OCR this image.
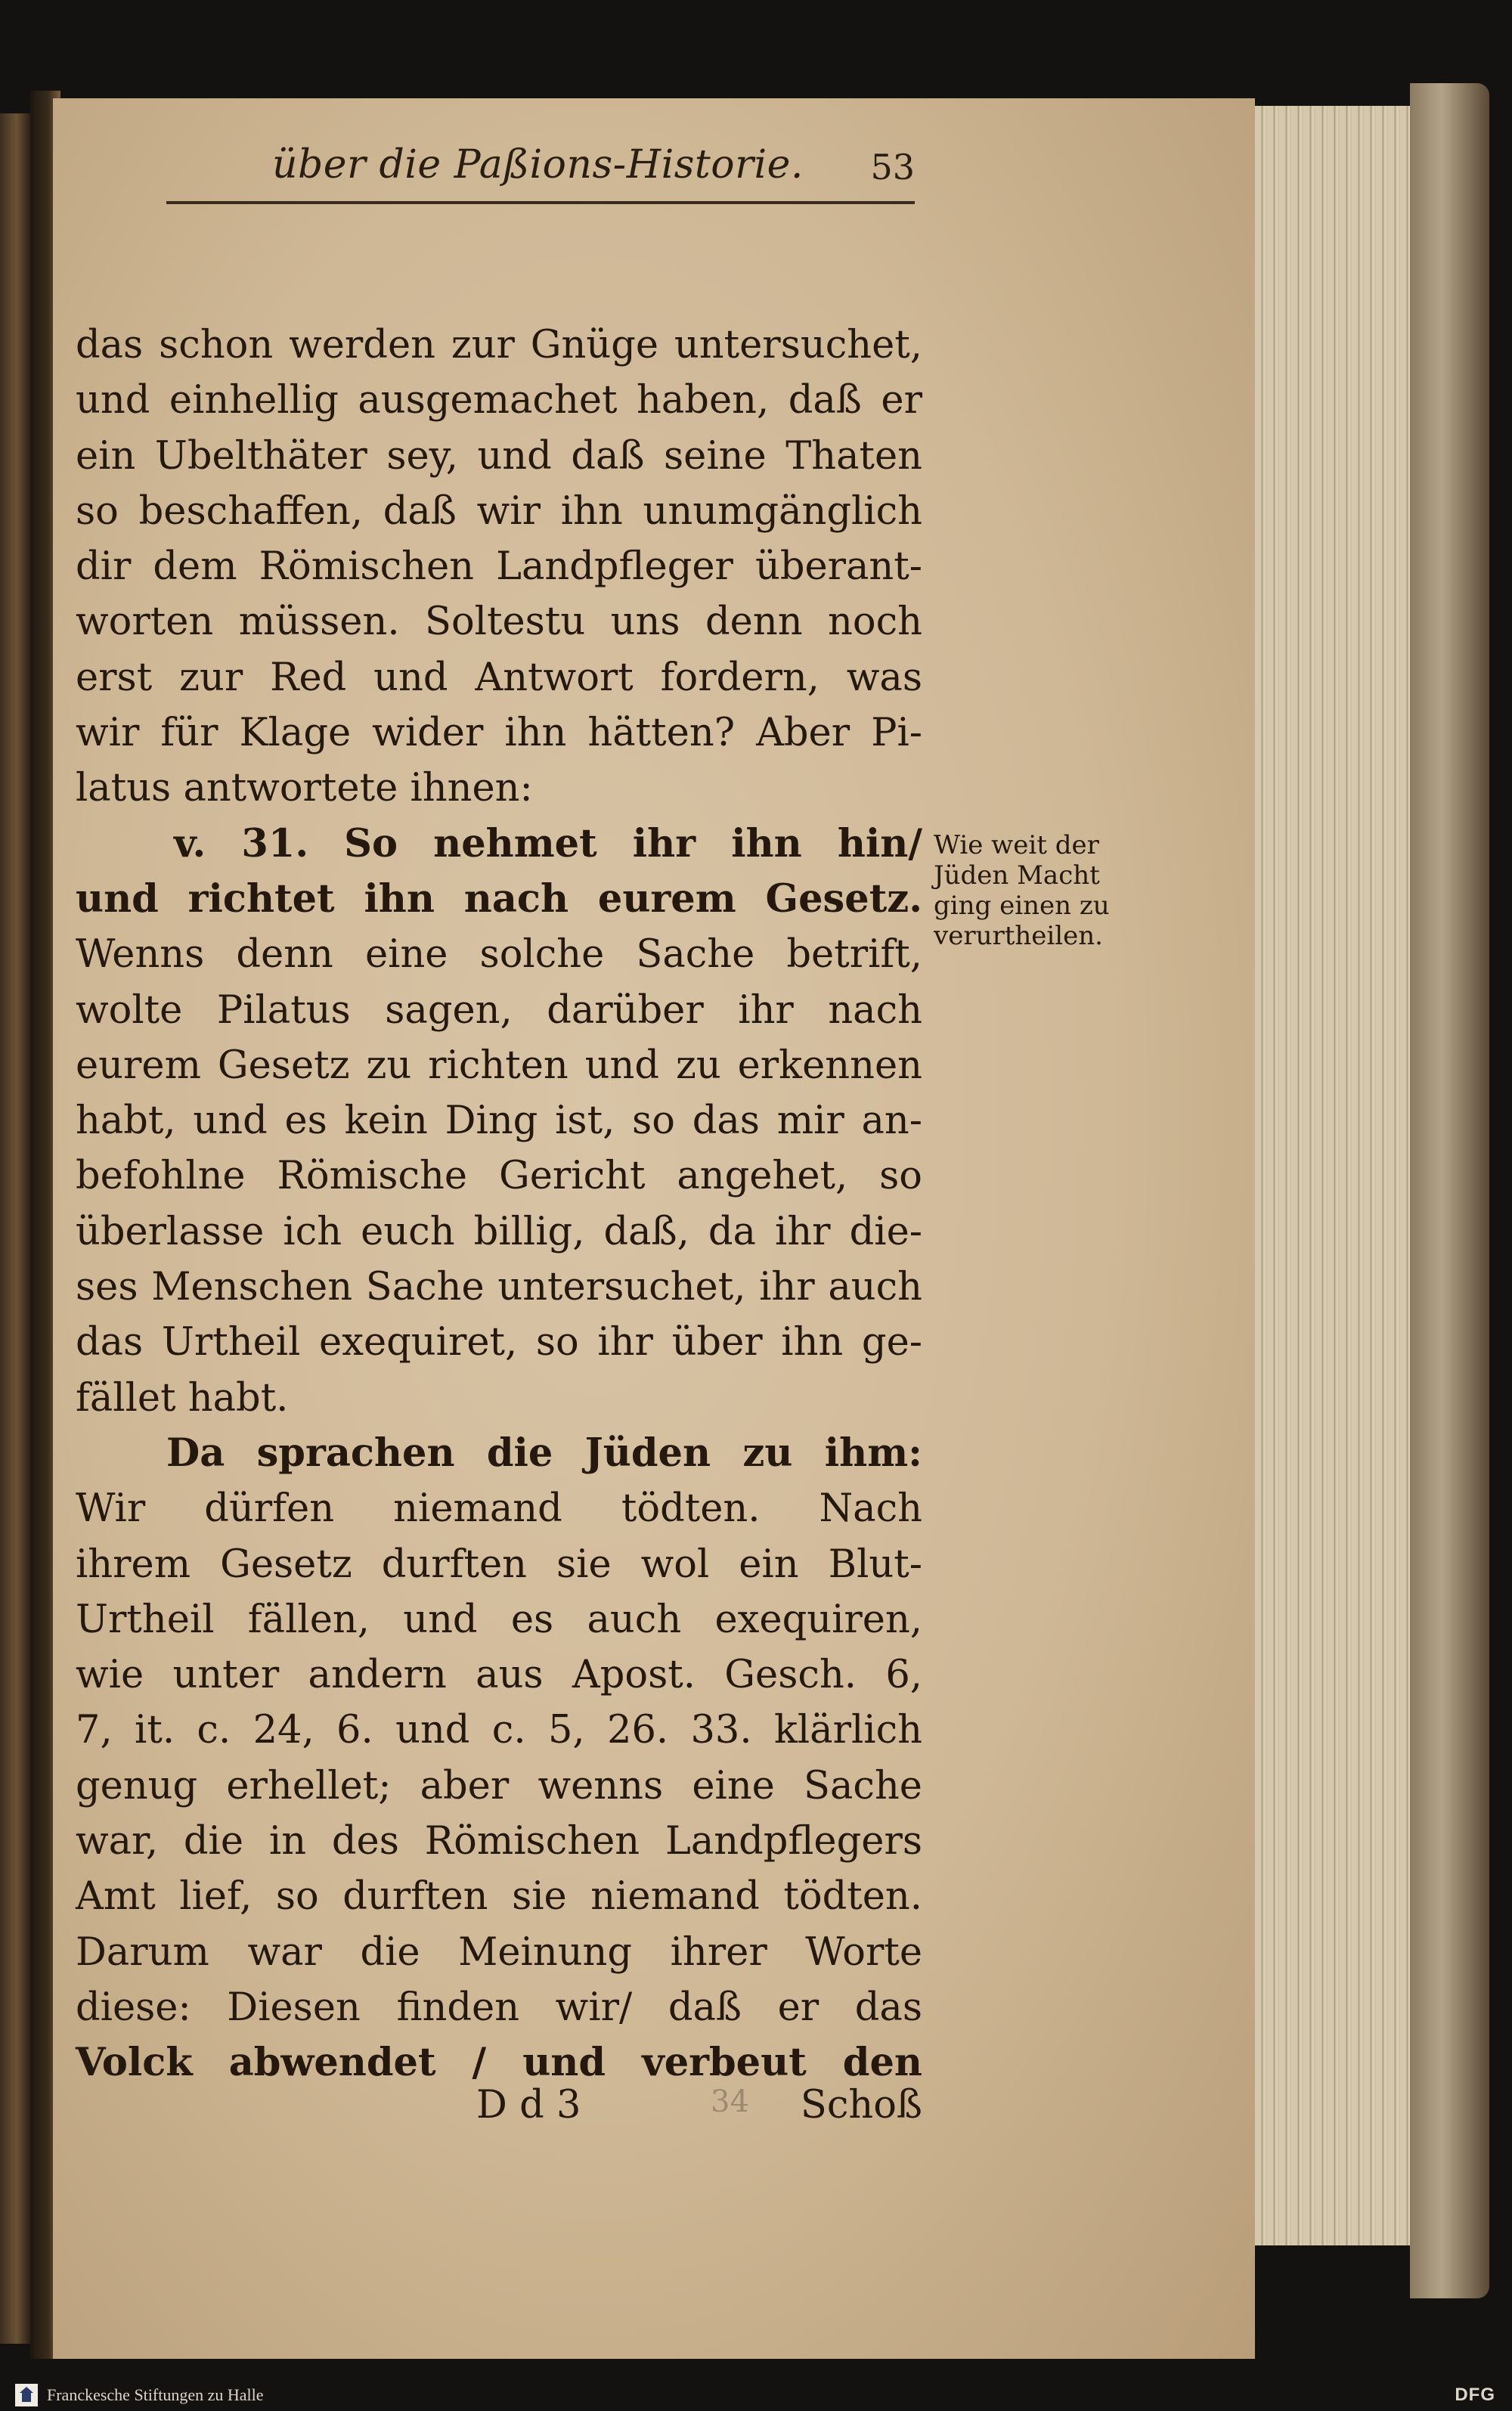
über die Paßions-Historie. 53
das schon werden zur Gnüge untersuchet,
und einhellig ausgemachet haben, daß er
ein Ubelthäter sey, und daß seine Thaten
so beschaffen, daß wir ihn unumgänglich
dir dem Römischen Landpfleger überant-
worten müssen. Soltestu uns denn noch
erst zur Red und Antwort fordern, was
wir für Klage wider ihn hätten? Aber Pi-
latus antwortete ihnen:
v. 31. So nehmet ihr ihn hin/
und richtet ihn nach eurem Gesetz.
Wenns denn eine solche Sache betrift,
wolte Pilatus sagen, darüber ihr nach
eurem Gesetz zu richten und zu erkennen
habt, und es kein Ding ist, so das mir an-
befohlne Römische Gericht angehet, so
überlasse ich euch billig, daß, da ihr die-
ses Menschen Sache untersuchet, ihr auch
das Urtheil exequiret, so ihr über ihn ge-
fället habt.
Da sprachen die Jüden zu ihm:
Wir dürfen niemand tödten. Nach
ihrem Gesetz durften sie wol ein Blut-
Urtheil fällen, und es auch exequiren,
wie unter andern aus Apost. Gesch. 6,
7, it. c. 24, 6. und c. 5, 26. 33. klärlich
genug erhellet; aber wenns eine Sache
war, die in des Römischen Landpflegers
Amt lief, so durften sie niemand tödten.
Darum war die Meinung ihrer Worte
diese: Diesen finden wir/ daß er das
Volck abwendet / und verbeut den
Wie weit der
Jüden Macht
ging einen zu
verurtheilen.
D d 3	34 Schoß
Franckesche Stiftungen zu Halle	DFG
